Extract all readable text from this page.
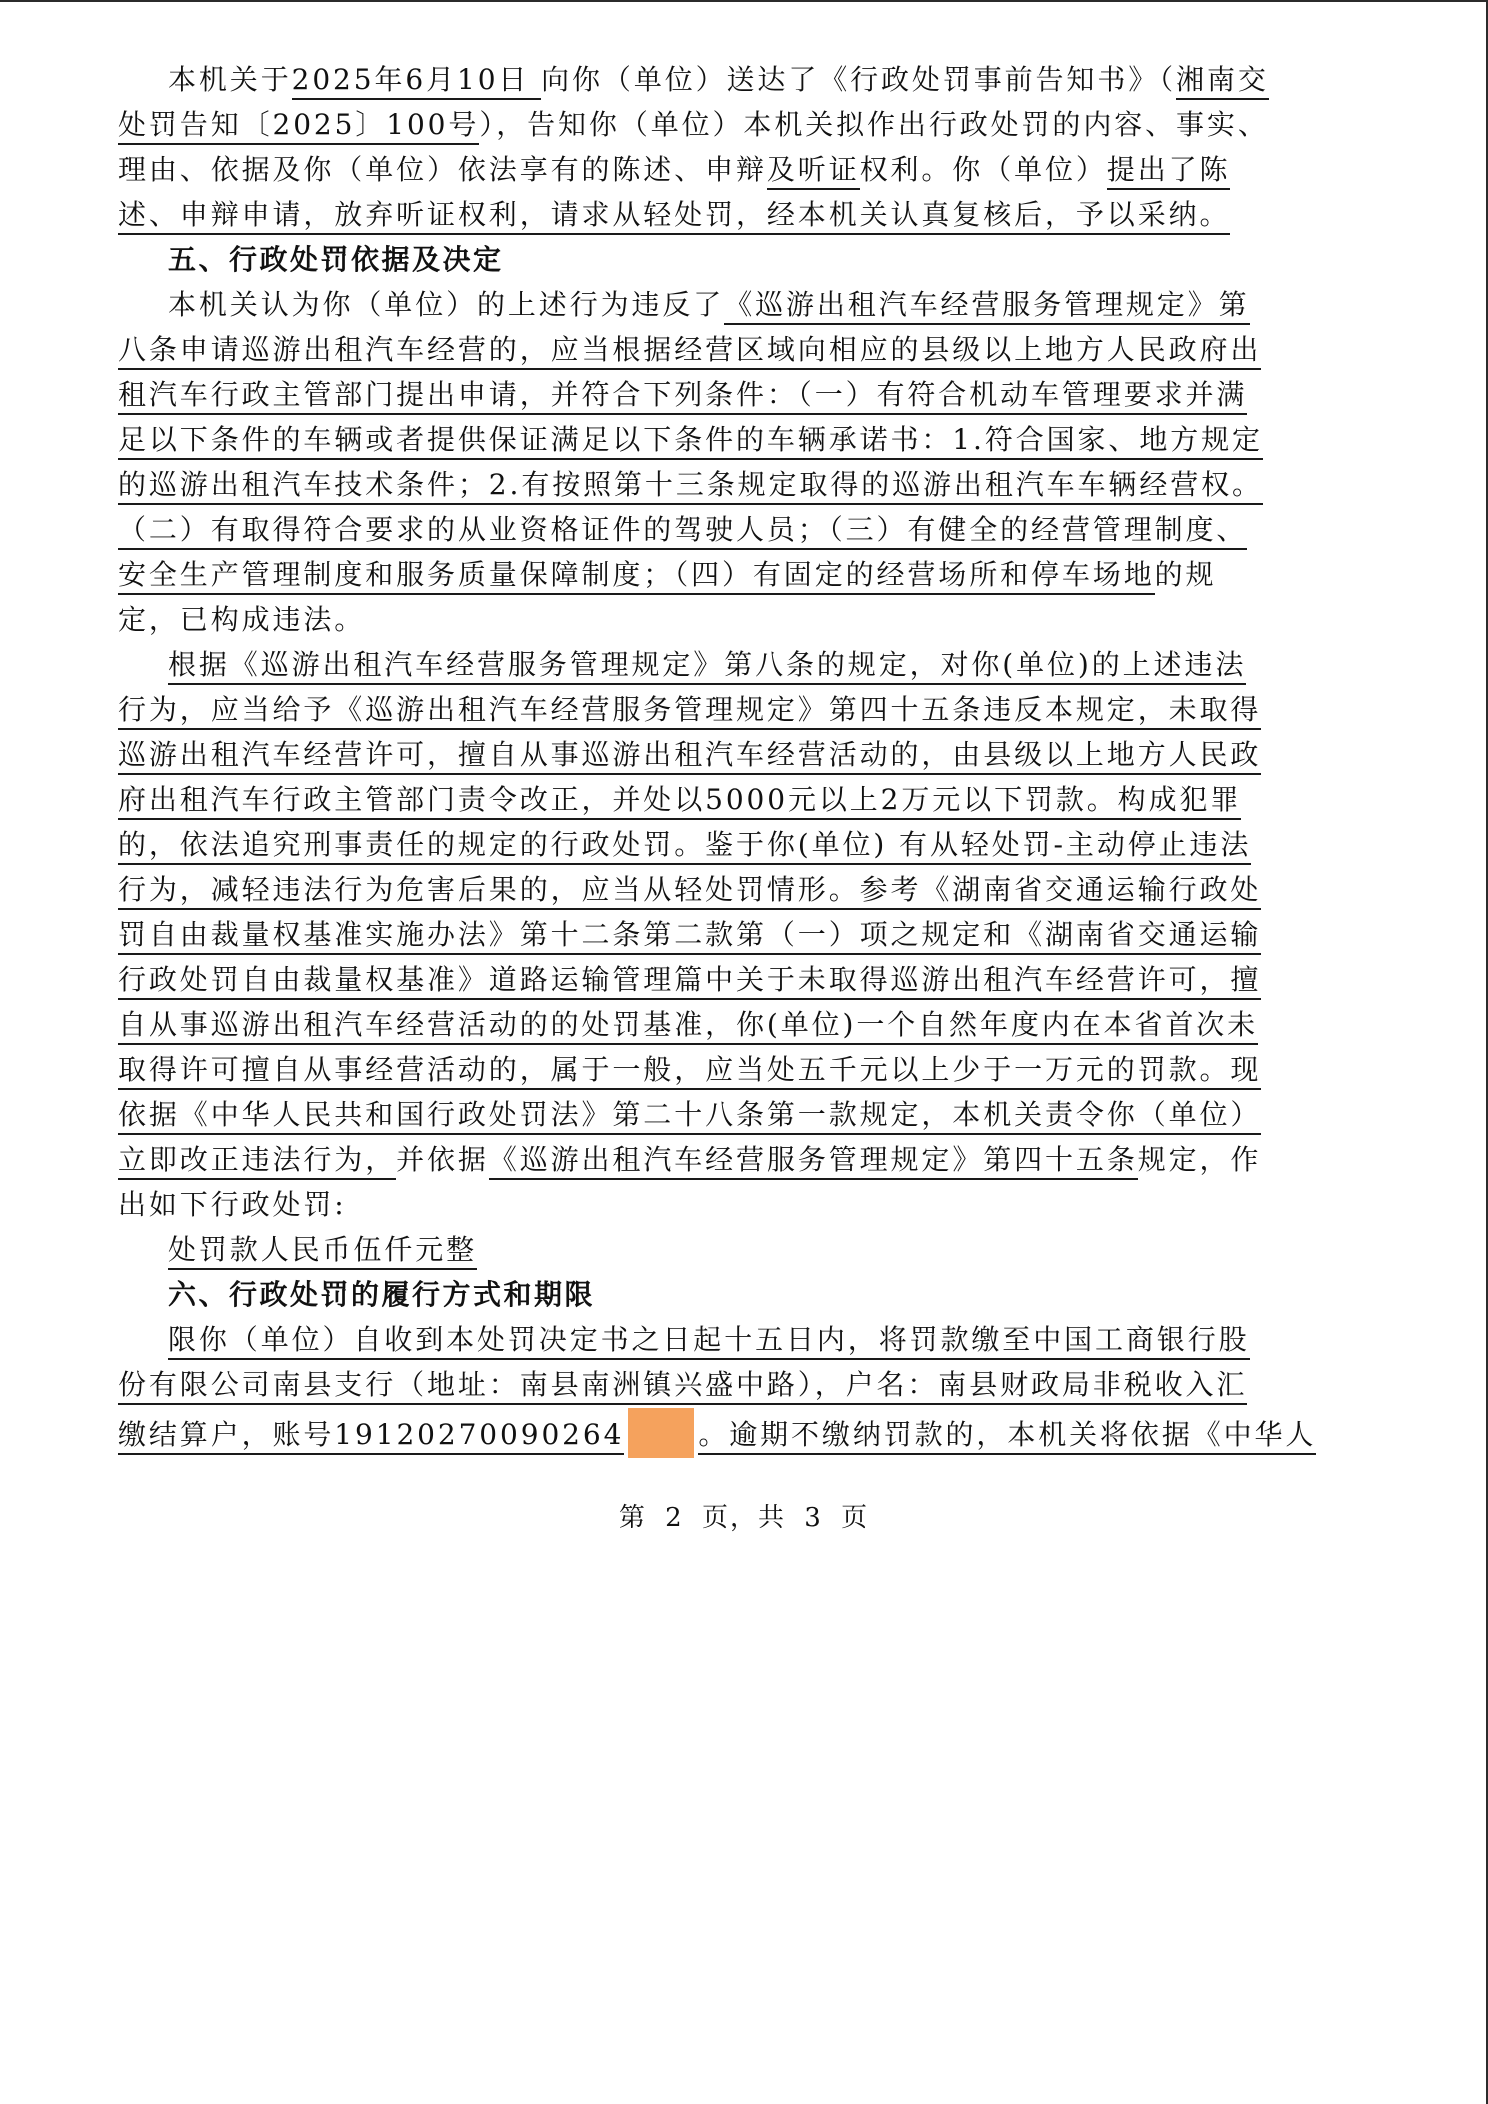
本机关于2025年6月10日 向你（单位）送达了《行政处罚事前告知书》（湘南交

处罚告知〔2025〕100号），告知你（单位）本机关拟作出行政处罚的内容、事实、

理由、依据及你（单位）依法享有的陈述、申辩及听证权利。你（单位）提出了陈

述、申辩申请，放弃听证权利，请求从轻处罚，经本机关认真复核后，予以采纳。

五、行政处罚依据及决定

本机关认为你（单位）的上述行为违反了《巡游出租汽车经营服务管理规定》第

八条申请巡游出租汽车经营的，应当根据经营区域向相应的县级以上地方人民政府出

租汽车行政主管部门提出申请，并符合下列条件：（一）有符合机动车管理要求并满

足以下条件的车辆或者提供保证满足以下条件的车辆承诺书：1.符合国家、地方规定

的巡游出租汽车技术条件；2.有按照第十三条规定取得的巡游出租汽车车辆经营权。

（二）有取得符合要求的从业资格证件的驾驶人员；（三）有健全的经营管理制度、

安全生产管理制度和服务质量保障制度；（四）有固定的经营场所和停车场地的规

定，已构成违法。

根据《巡游出租汽车经营服务管理规定》第八条的规定，对你(单位)的上述违法

行为，应当给予《巡游出租汽车经营服务管理规定》第四十五条违反本规定，未取得

巡游出租汽车经营许可，擅自从事巡游出租汽车经营活动的，由县级以上地方人民政

府出租汽车行政主管部门责令改正，并处以5000元以上2万元以下罚款。构成犯罪

的，依法追究刑事责任的规定的行政处罚。鉴于你(单位) 有从轻处罚-主动停止违法

行为，减轻违法行为危害后果的，应当从轻处罚情形。参考《湖南省交通运输行政处

罚自由裁量权基准实施办法》第十二条第二款第（一）项之规定和《湖南省交通运输

行政处罚自由裁量权基准》道路运输管理篇中关于未取得巡游出租汽车经营许可，擅

自从事巡游出租汽车经营活动的的处罚基准，你(单位)一个自然年度内在本省首次未

取得许可擅自从事经营活动的，属于一般，应当处五千元以上少于一万元的罚款。现

依据《中华人民共和国行政处罚法》第二十八条第一款规定，本机关责令你（单位）

立即改正违法行为，并依据《巡游出租汽车经营服务管理规定》第四十五条规定，作

出如下行政处罚:

处罚款人民币伍仟元整

六、行政处罚的履行方式和期限

限你（单位）自收到本处罚决定书之日起十五日内，将罚款缴至中国工商银行股

份有限公司南县支行（地址：南县南洲镇兴盛中路），户名：南县财政局非税收入汇

缴结算户，账号19120270090264	。逾期不缴纳罚款的，本机关将依据《中华人

第 2 页，共 3 页
